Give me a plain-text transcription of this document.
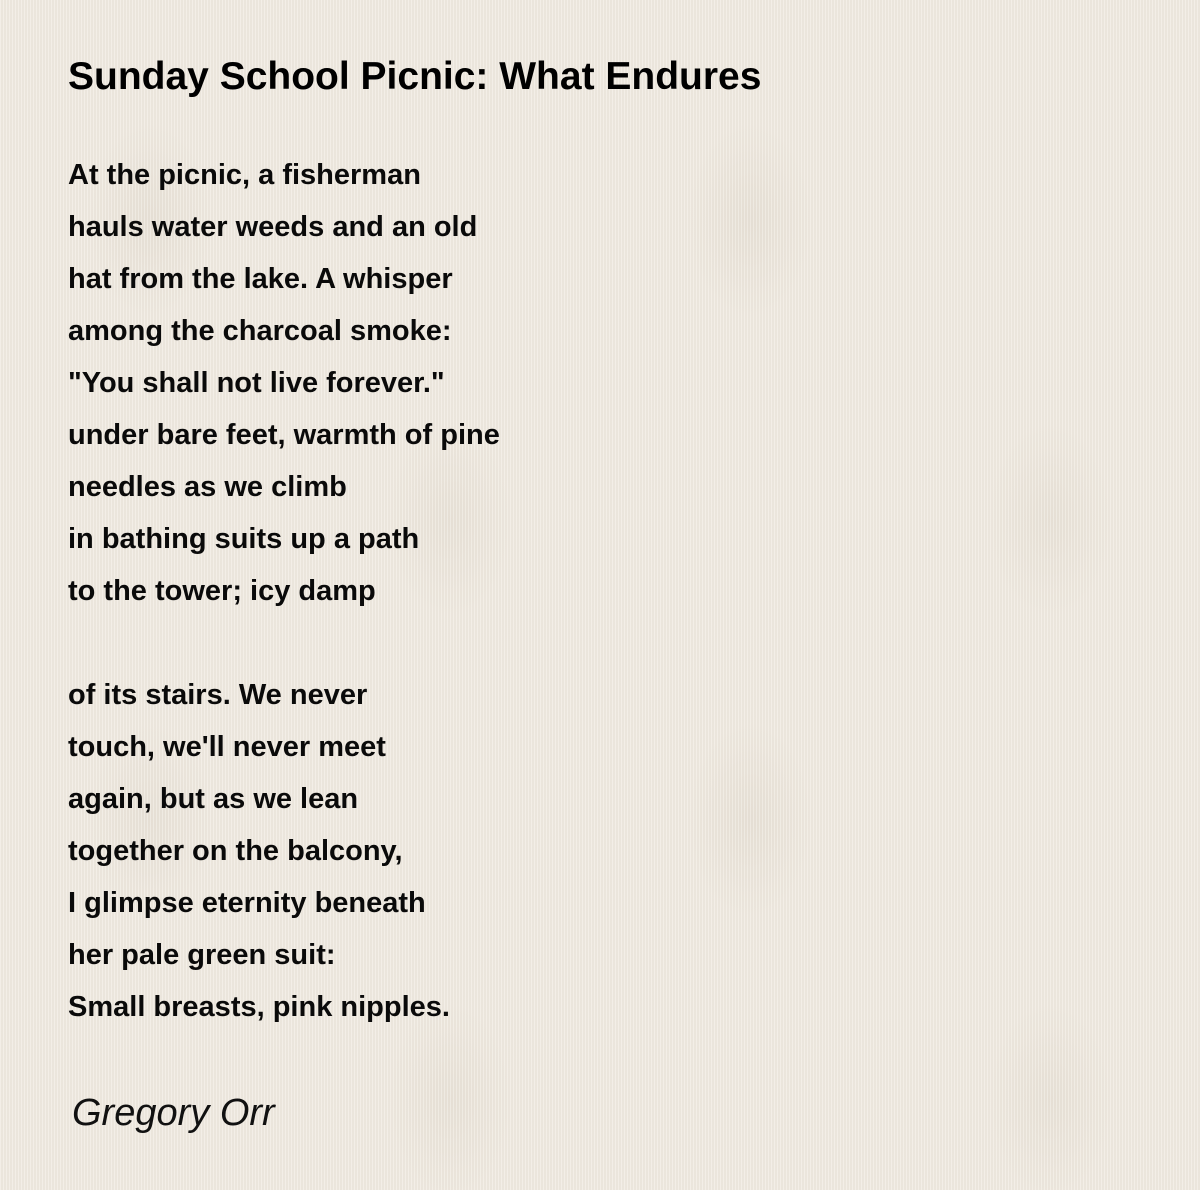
Sunday School Picnic: What Endures
At the picnic, a fisherman
hauls water weeds and an old
hat from the lake. A whisper
among the charcoal smoke:
"You shall not live forever."
under bare feet, warmth of pine
needles as we climb
in bathing suits up a path
to the tower; icy damp
of its stairs. We never
touch, we'll never meet
again, but as we lean
together on the balcony,
I glimpse eternity beneath
her pale green suit:
Small breasts, pink nipples.

Gregory Orr
